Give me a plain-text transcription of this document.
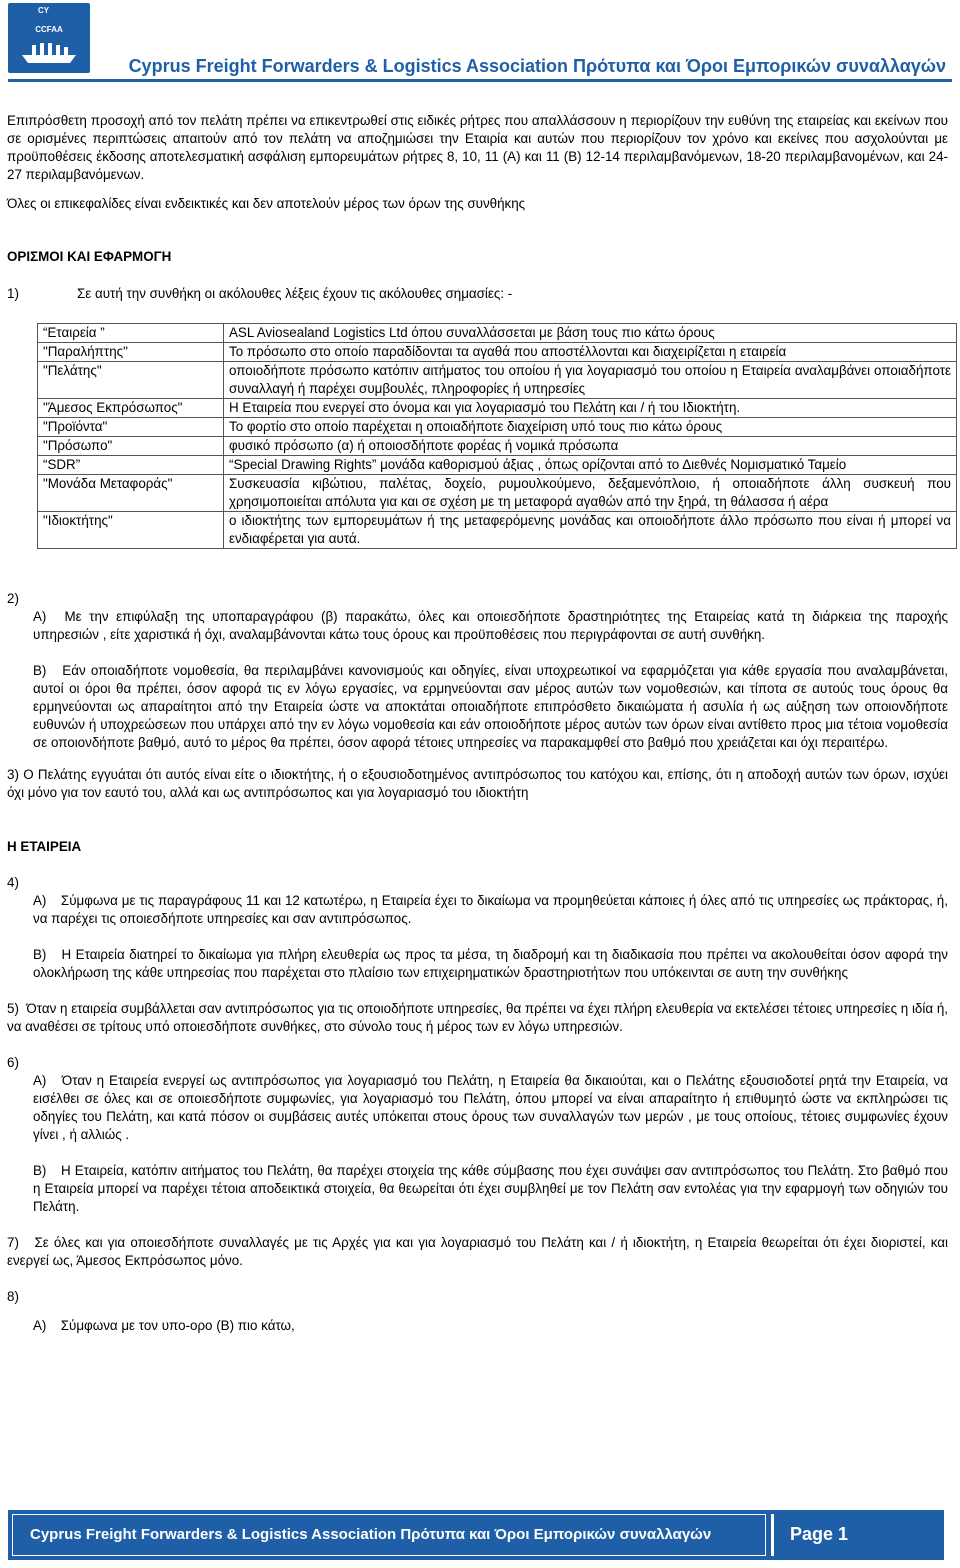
CY
CCFAA
Cyprus Freight Forwarders & Logistics Association Πρότυπα και Όροι Εμπορικών συναλλαγών

Επιπρόσθετη προσοχή από τον πελάτη πρέπει να επικεντρωθεί στις ειδικές ρήτρες που απαλλάσσουν η περιορίζουν την ευθύνη της εταιρείας και εκείνων που σε ορισμένες περιπτώσεις απαιτούν από τον πελάτη να αποζημιώσει την Εταιρία και αυτών που περιορίζουν τον χρόνο και εκείνες που ασχολούνται με προϋποθέσεις έκδοσης αποτελεσματική ασφάλιση εμπορευμάτων ρήτρες 8, 10, 11 (Α) και 11 (Β) 12-14 περιλαμβανόμενων, 18-20 περιλαμβανομένων, και 24-27 περιλαμβανόμενων.

Όλες οι επικεφαλίδες είναι ενδεικτικές και δεν αποτελούν μέρος των όρων της συνθήκης

ΟΡΙΣΜΟΙ ΚΑΙ ΕΦΑΡΜΟΓΗ

1)	Σε αυτή την συνθήκη οι ακόλουθες λέξεις έχουν τις ακόλουθες σημασίες: -

“Εταιρεία ”	ASL Aviosealand Logistics Ltd όπου συναλλάσσεται με βάση τους πιο κάτω όρους
"Παραλήπτης"	Το πρόσωπο στο οποίο παραδίδονται τα αγαθά που αποστέλλονται και διαχειρίζεται η εταιρεία
"Πελάτης"	οποιοδήποτε πρόσωπο κατόπιν αιτήματος του οποίου ή για λογαριασμό του οποίου η Εταιρεία αναλαμβάνει οποιαδήποτε συναλλαγή ή παρέχει συμβουλές, πληροφορίες ή υπηρεσίες
"Άμεσος Εκπρόσωπος"	Η Εταιρεία που ενεργεί στο όνομα και για λογαριασμό του Πελάτη και / ή του Ιδιοκτήτη.
"Προϊόντα"	Το φορτίο στο οποίο παρέχεται η οποιαδήποτε διαχείριση υπό τους πιο κάτω όρους
"Πρόσωπο"	φυσικό πρόσωπο (α) ή οποιοσδήποτε φορέας ή νομικά πρόσωπα
“SDR”	“Special Drawing Rights” μονάδα καθορισμού άξιας , όπως ορίζονται από το Διεθνές Νομισματικό Ταμείο
"Μονάδα Μεταφοράς"	Συσκευασία κιβώτιου, παλέτας, δοχείο, ρυμουλκούμενο, δεξαμενόπλοιο, ή οποιαδήποτε άλλη συσκευή που χρησιμοποιείται απόλυτα για και σε σχέση με τη μεταφορά αγαθών από την ξηρά, τη θάλασσα ή αέρα
"Ιδιοκτήτης"	ο ιδιοκτήτης των εμπορευμάτων ή της μεταφερόμενης μονάδας και οποιοδήποτε άλλο πρόσωπο που είναι ή μπορεί να ενδιαφέρεται για αυτά.

2)

Α) Με την επιφύλαξη της υποπαραγράφου (β) παρακάτω, όλες και οποιεσδήποτε δραστηριότητες της Εταιρείας κατά τη διάρκεια της παροχής υπηρεσιών , είτε χαριστικά ή όχι, αναλαμβάνονται κάτω τους όρους και προϋποθέσεις που περιγράφονται σε αυτή συνθήκη.

Β) Εάν οποιαδήποτε νομοθεσία, θα περιλαμβάνει κανονισμούς και οδηγίες, είναι υποχρεωτικοί να εφαρμόζεται για κάθε εργασία που αναλαμβάνεται, αυτοί οι όροι θα πρέπει, όσον αφορά τις εν λόγω εργασίες, να ερμηνεύονται σαν μέρος αυτών των νομοθεσιών, και τίποτα σε αυτούς τους όρους θα ερμηνεύονται ως απαραίτητοι από την Εταιρεία ώστε να αποκτάται οποιαδήποτε επιπρόσθετο δικαιώματα ή ασυλία ή ως αύξηση των οποιονδήποτε ευθυνών ή υποχρεώσεων που υπάρχει από την εν λόγω νομοθεσία και εάν οποιοδήποτε μέρος αυτών των όρων είναι αντίθετο προς μια τέτοια νομοθεσία σε οποιονδήποτε βαθμό, αυτό το μέρος θα πρέπει, όσον αφορά τέτοιες υπηρεσίες να παρακαμφθεί στο βαθμό που χρειάζεται και όχι περαιτέρω.

3) Ο Πελάτης εγγυάται ότι αυτός είναι είτε ο ιδιοκτήτης, ή ο εξουσιοδοτημένος αντιπρόσωπος του κατόχου και, επίσης, ότι η αποδοχή αυτών των όρων, ισχύει όχι μόνο για τον εαυτό του, αλλά και ως αντιπρόσωπος και για λογαριασμό του ιδιοκτήτη

Η ΕΤΑΙΡΕΙΑ

4)

Α) Σύμφωνα με τις παραγράφους 11 και 12 κατωτέρω, η Εταιρεία έχει το δικαίωμα να προμηθεύεται κάποιες ή όλες από τις υπηρεσίες ως πράκτορας, ή, να παρέχει τις οποιεσδήποτε υπηρεσίες και σαν αντιπρόσωπος.

Β) Η Εταιρεία διατηρεί το δικαίωμα για πλήρη ελευθερία ως προς τα μέσα, τη διαδρομή και τη διαδικασία που πρέπει να ακολουθείται όσον αφορά την ολοκλήρωση της κάθε υπηρεσίας που παρέχεται στο πλαίσιο των επιχειρηματικών δραστηριοτήτων που υπόκεινται σε αυτη την συνθήκης

5) Όταν η εταιρεία συμβάλλεται σαν αντιπρόσωπος για τις οποιοδήποτε υπηρεσίες, θα πρέπει να έχει πλήρη ελευθερία να εκτελέσει τέτοιες υπηρεσίες η ιδία ή, να αναθέσει σε τρίτους υπό οποιεσδήποτε συνθήκες, στο σύνολο τους ή μέρος των εν λόγω υπηρεσιών.

6)

Α) Όταν η Εταιρεία ενεργεί ως αντιπρόσωπος για λογαριασμό του Πελάτη, η Εταιρεία θα δικαιούται, και ο Πελάτης εξουσιοδοτεί ρητά την Εταιρεία, να εισέλθει σε όλες και σε οποιεσδήποτε συμφωνίες, για λογαριασμό του Πελάτη, όπου μπορεί να είναι απαραίτητο ή επιθυμητό ώστε να εκπληρώσει τις οδηγίες του Πελάτη, και κατά πόσον οι συμβάσεις αυτές υπόκειται στους όρους των συναλλαγών των μερών , με τους οποίους, τέτοιες συμφωνίες έχουν γίνει , ή αλλιώς .

Β) Η Εταιρεία, κατόπιν αιτήματος του Πελάτη, θα παρέχει στοιχεία της κάθε σύμβασης που έχει συνάψει σαν αντιπρόσωπος του Πελάτη. Στο βαθμό που η Εταιρεία μπορεί να παρέχει τέτοια αποδεικτικά στοιχεία, θα θεωρείται ότι έχει συμβληθεί με τον Πελάτη σαν εντολέας για την εφαρμογή των οδηγιών του Πελάτη.

7) Σε όλες και για οποιεσδήποτε συναλλαγές με τις Αρχές για και για λογαριασμό του Πελάτη και / ή ιδιοκτήτη, η Εταιρεία θεωρείται ότι έχει διοριστεί, και ενεργεί ως, Άμεσος Εκπρόσωπος μόνο.

8)

Α) Σύμφωνα με τον υπο-ορο (Β) πιο κάτω,

Cyprus Freight Forwarders & Logistics Association Πρότυπα και Όροι Εμπορικών συναλλαγών	Page 1
